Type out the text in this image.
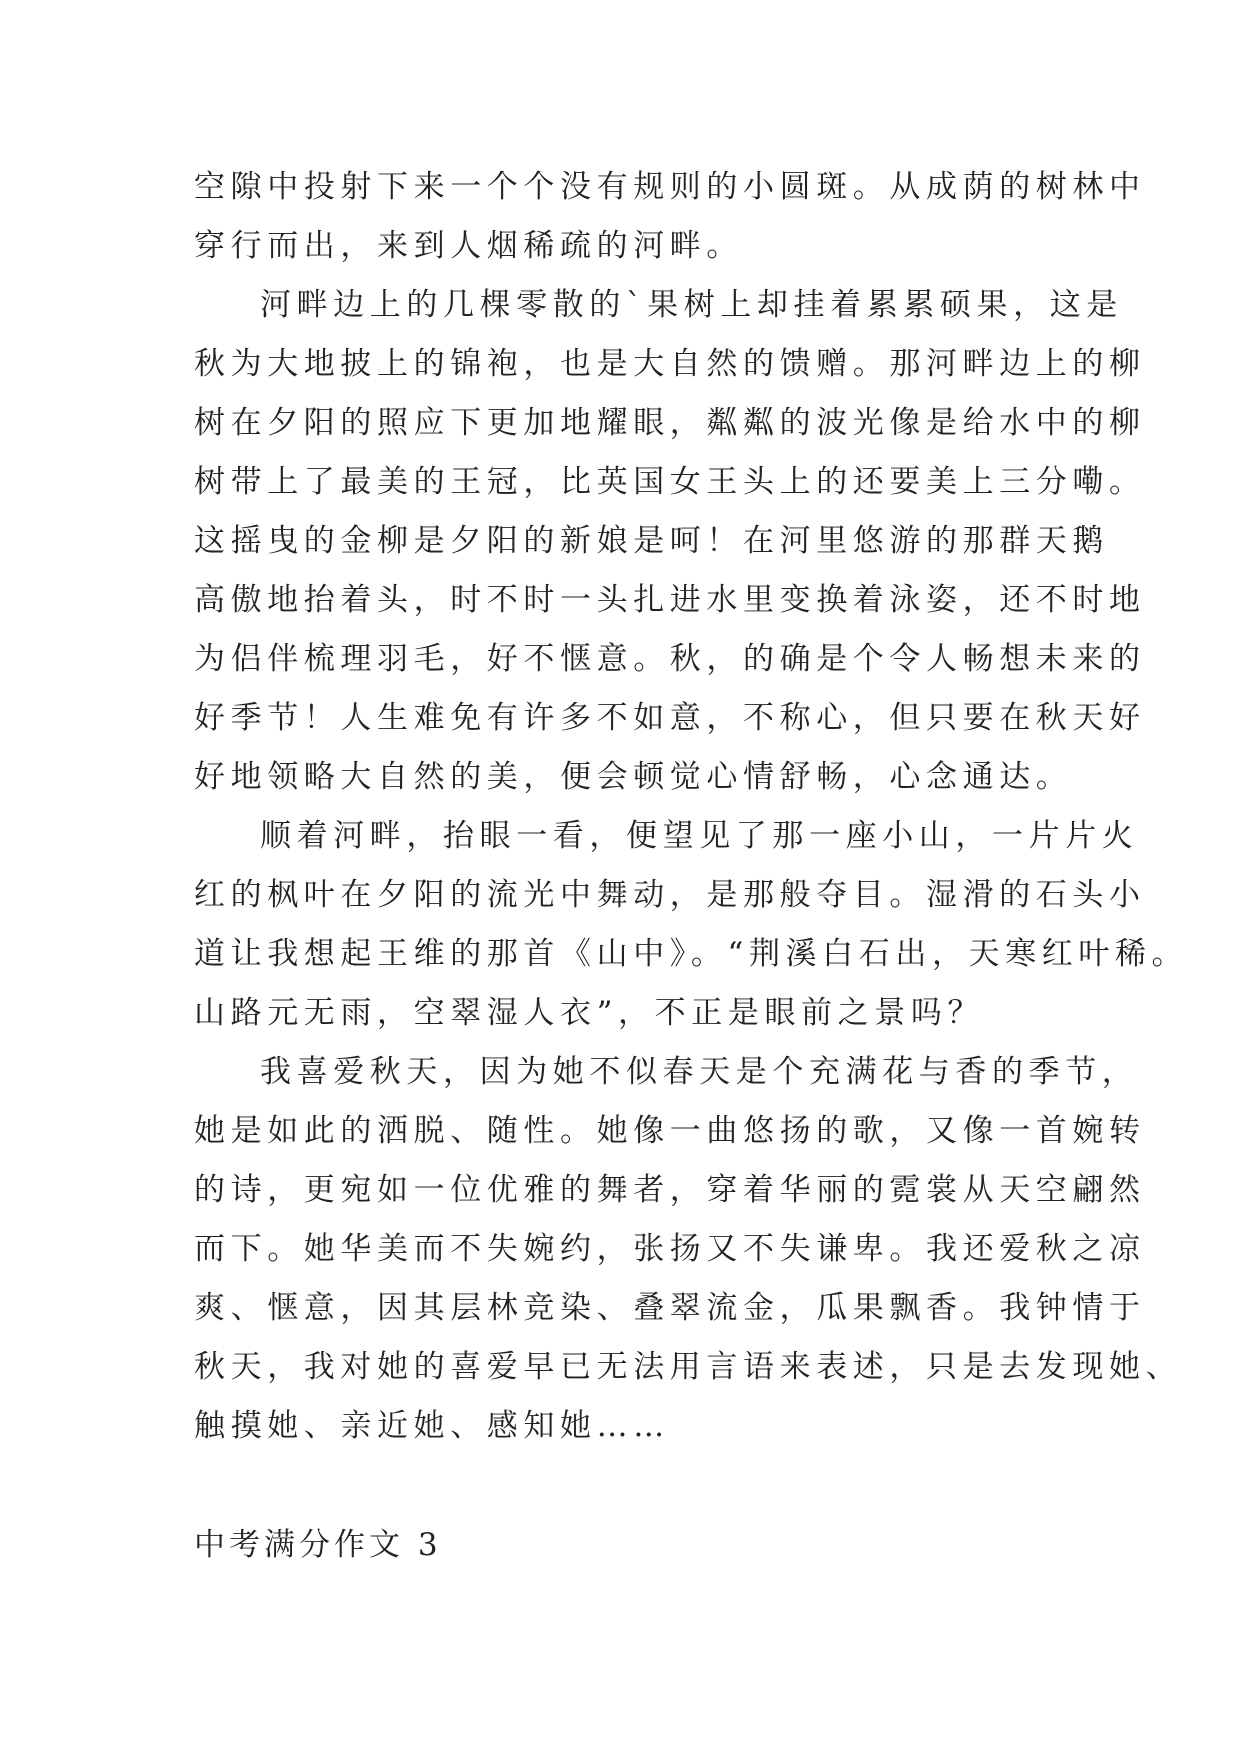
空隙中投射下来一个个没有规则的小圆斑。从成荫的树林中
穿行而出，来到人烟稀疏的河畔。
河畔边上的几棵零散的`果树上却挂着累累硕果，这是
秋为大地披上的锦袍，也是大自然的馈赠。那河畔边上的柳
树在夕阳的照应下更加地耀眼，粼粼的波光像是给水中的柳
树带上了最美的王冠，比英国女王头上的还要美上三分嘞。
这摇曳的金柳是夕阳的新娘是呵！在河里悠游的那群天鹅
高傲地抬着头，时不时一头扎进水里变换着泳姿，还不时地
为侣伴梳理羽毛，好不惬意。秋，的确是个令人畅想未来的
好季节！人生难免有许多不如意，不称心，但只要在秋天好
好地领略大自然的美，便会顿觉心情舒畅，心念通达。
顺着河畔，抬眼一看，便望见了那一座小山，一片片火
红的枫叶在夕阳的流光中舞动，是那般夺目。湿滑的石头小
道让我想起王维的那首《山中》。“荆溪白石出，天寒红叶稀。
山路元无雨，空翠湿人衣”，不正是眼前之景吗？
我喜爱秋天，因为她不似春天是个充满花与香的季节，
她是如此的洒脱、随性。她像一曲悠扬的歌，又像一首婉转
的诗，更宛如一位优雅的舞者，穿着华丽的霓裳从天空翩然
而下。她华美而不失婉约，张扬又不失谦卑。我还爱秋之凉
爽、惬意，因其层林竞染、叠翠流金，瓜果飘香。我钟情于
秋天，我对她的喜爱早已无法用言语来表述，只是去发现她、
触摸她、亲近她、感知她……
中考满分作文 3
